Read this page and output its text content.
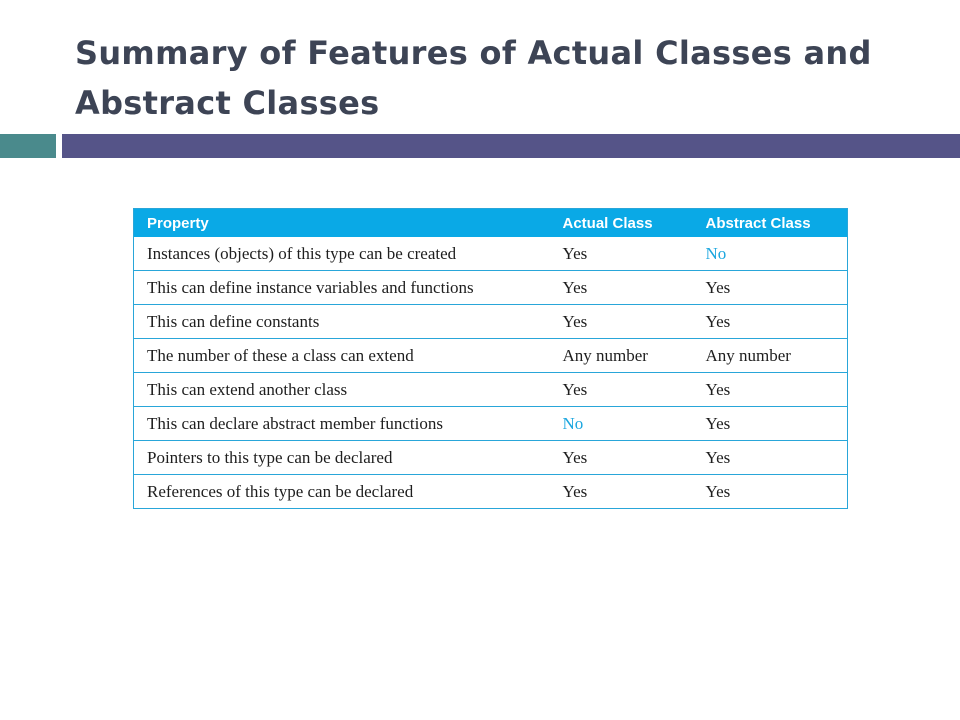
Summary of Features of Actual Classes and Abstract Classes
Property	Actual Class	Abstract Class
Instances (objects) of this type can be created	Yes	No
This can define instance variables and functions	Yes	Yes
This can define constants	Yes	Yes
The number of these a class can extend	Any number	Any number
This can extend another class	Yes	Yes
This can declare abstract member functions	No	Yes
Pointers to this type can be declared	Yes	Yes
References of this type can be declared	Yes	Yes
